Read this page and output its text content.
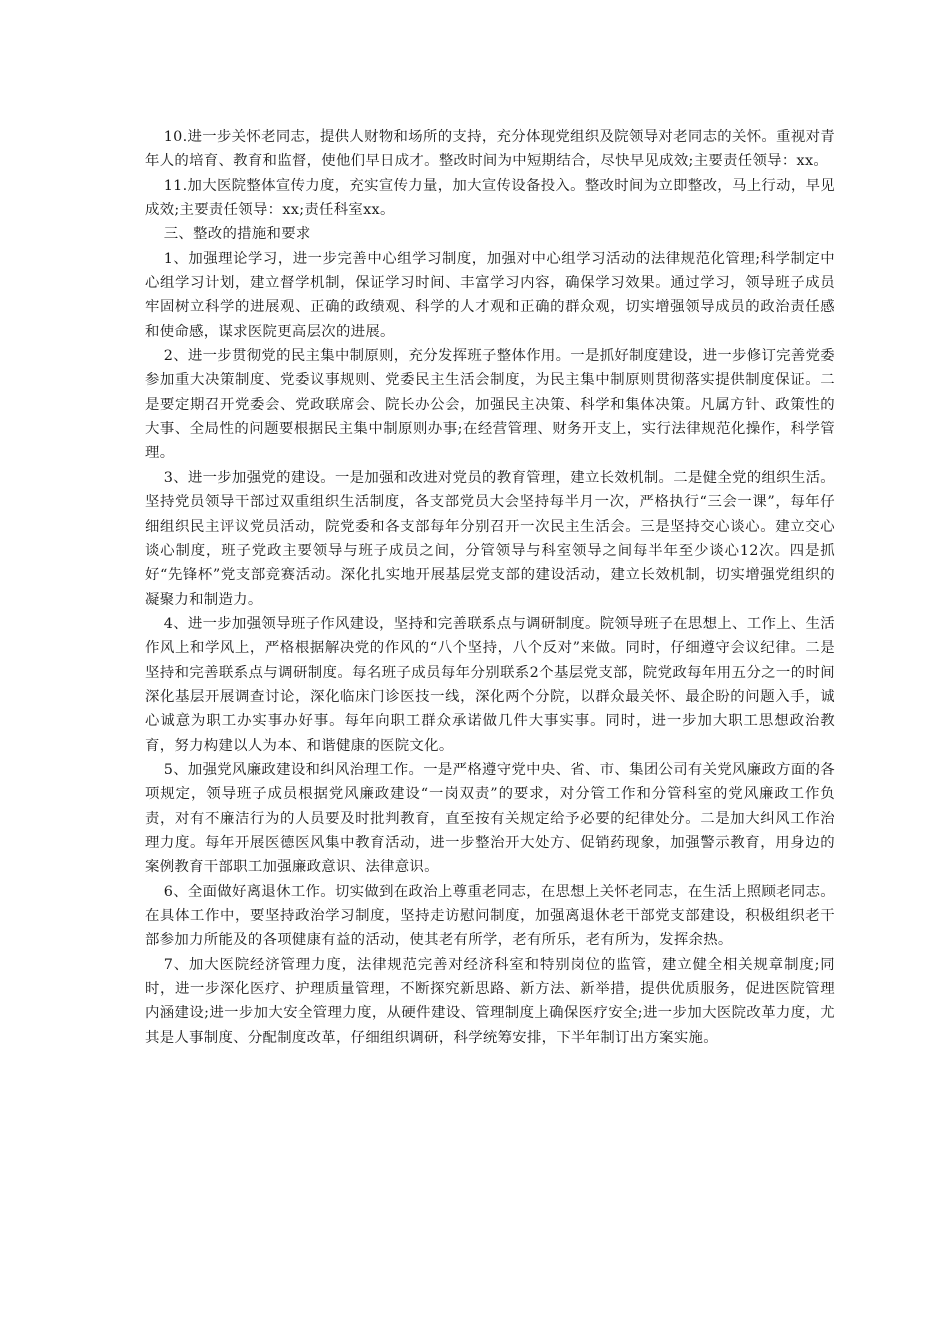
10.进一步关怀老同志，提供人财物和场所的支持，充分体现党组织及院领导对老同志的关怀。重视对青年人的培育、教育和监督，使他们早日成才。整改时间为中短期结合，尽快早见成效;主要责任领导：xx。

11.加大医院整体宣传力度，充实宣传力量，加大宣传设备投入。整改时间为立即整改，马上行动，早见成效;主要责任领导：xx;责任科室xx。

三、整改的措施和要求

1、加强理论学习，进一步完善中心组学习制度，加强对中心组学习活动的法律规范化管理;科学制定中心组学习计划，建立督学机制，保证学习时间、丰富学习内容，确保学习效果。通过学习，领导班子成员牢固树立科学的进展观、正确的政绩观、科学的人才观和正确的群众观，切实增强领导成员的政治责任感和使命感，谋求医院更高层次的进展。

2、进一步贯彻党的民主集中制原则，充分发挥班子整体作用。一是抓好制度建设，进一步修订完善党委参加重大决策制度、党委议事规则、党委民主生活会制度，为民主集中制原则贯彻落实提供制度保证。二是要定期召开党委会、党政联席会、院长办公会，加强民主决策、科学和集体决策。凡属方针、政策性的大事、全局性的问题要根据民主集中制原则办事;在经营管理、财务开支上，实行法律规范化操作，科学管理。

3、进一步加强党的建设。一是加强和改进对党员的教育管理，建立长效机制。二是健全党的组织生活。坚持党员领导干部过双重组织生活制度，各支部党员大会坚持每半月一次，严格执行“三会一课”，每年仔细组织民主评议党员活动，院党委和各支部每年分别召开一次民主生活会。三是坚持交心谈心。建立交心谈心制度，班子党政主要领导与班子成员之间，分管领导与科室领导之间每半年至少谈心12次。四是抓好“先锋杯”党支部竞赛活动。深化扎实地开展基层党支部的建设活动，建立长效机制，切实增强党组织的凝聚力和制造力。

4、进一步加强领导班子作风建设，坚持和完善联系点与调研制度。院领导班子在思想上、工作上、生活作风上和学风上，严格根据解决党的作风的“八个坚持，八个反对”来做。同时，仔细遵守会议纪律。二是坚持和完善联系点与调研制度。每名班子成员每年分别联系2个基层党支部，院党政每年用五分之一的时间深化基层开展调查讨论，深化临床门诊医技一线，深化两个分院，以群众最关怀、最企盼的问题入手，诚心诚意为职工办实事办好事。每年向职工群众承诺做几件大事实事。同时，进一步加大职工思想政治教育，努力构建以人为本、和谐健康的医院文化。

5、加强党风廉政建设和纠风治理工作。一是严格遵守党中央、省、市、集团公司有关党风廉政方面的各项规定，领导班子成员根据党风廉政建设“一岗双责”的要求，对分管工作和分管科室的党风廉政工作负责，对有不廉洁行为的人员要及时批判教育，直至按有关规定给予必要的纪律处分。二是加大纠风工作治理力度。每年开展医德医风集中教育活动，进一步整治开大处方、促销药现象，加强警示教育，用身边的案例教育干部职工加强廉政意识、法律意识。

6、全面做好离退休工作。切实做到在政治上尊重老同志，在思想上关怀老同志，在生活上照顾老同志。在具体工作中，要坚持政治学习制度，坚持走访慰问制度，加强离退休老干部党支部建设，积极组织老干部参加力所能及的各项健康有益的活动，使其老有所学，老有所乐，老有所为，发挥余热。

7、加大医院经济管理力度，法律规范完善对经济科室和特别岗位的监管，建立健全相关规章制度;同时，进一步深化医疗、护理质量管理，不断探究新思路、新方法、新举措，提供优质服务，促进医院管理内涵建设;进一步加大安全管理力度，从硬件建设、管理制度上确保医疗安全;进一步加大医院改革力度，尤其是人事制度、分配制度改革，仔细组织调研，科学统筹安排，下半年制订出方案实施。
